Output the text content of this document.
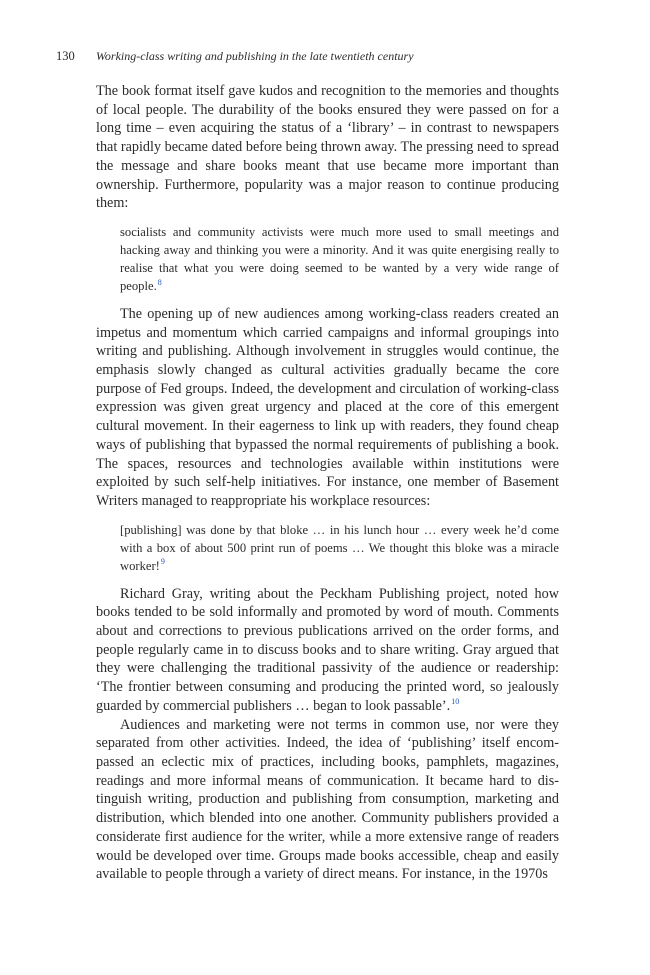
130 Working-class writing and publishing in the late twentieth century

The book format itself gave kudos and recognition to the memories and thoughts of local people. The durability of the books ensured they were passed on for a long time – even acquiring the status of a ‘library’ – in contrast to newspapers that rapidly became dated before being thrown away. The pressing need to spread the message and share books meant that use became more important than ownership. Furthermore, popularity was a major reason to continue producing them:

socialists and community activists were much more used to small meetings and hacking away and thinking you were a minority. And it was quite energising really to realise that what you were doing seemed to be wanted by a very wide range of people.$^8$

The opening up of new audiences among working-class readers created an impetus and momentum which carried campaigns and informal groupings into writing and publishing. Although involvement in struggles would continue, the emphasis slowly changed as cultural activities gradually became the core purpose of Fed groups. Indeed, the development and circulation of working-class expression was given great urgency and placed at the core of this emergent cultural movement. In their eagerness to link up with readers, they found cheap ways of publishing that bypassed the normal requirements of publishing a book. The spaces, resources and technologies available within institutions were exploited by such self-help initiatives. For instance, one member of Basement Writers managed to reappropriate his workplace resources:

[publishing] was done by that bloke … in his lunch hour … every week he’d come with a box of about 500 print run of poems … We thought this bloke was a miracle worker!$^9$

Richard Gray, writing about the Peckham Publishing project, noted how books tended to be sold informally and promoted by word of mouth. Comments about and corrections to previous publications arrived on the order forms, and people regularly came in to discuss books and to share writing. Gray argued that they were challenging the traditional passivity of the audience or readership: ‘The frontier between consuming and producing the printed word, so jealously guarded by commercial publishers … began to look passable’.$^{10}$

Audiences and marketing were not terms in common use, nor were they separated from other activities. Indeed, the idea of ‘publishing’ itself encompassed an eclectic mix of practices, including books, pamphlets, magazines, readings and more informal means of communication. It became hard to distinguish writing, production and publishing from consumption, marketing and distribution, which blended into one another. Community publishers provided a considerate first audience for the writer, while a more extensive range of readers would be developed over time. Groups made books accessible, cheap and easily available to people through a variety of direct means. For instance, in the 1970s
